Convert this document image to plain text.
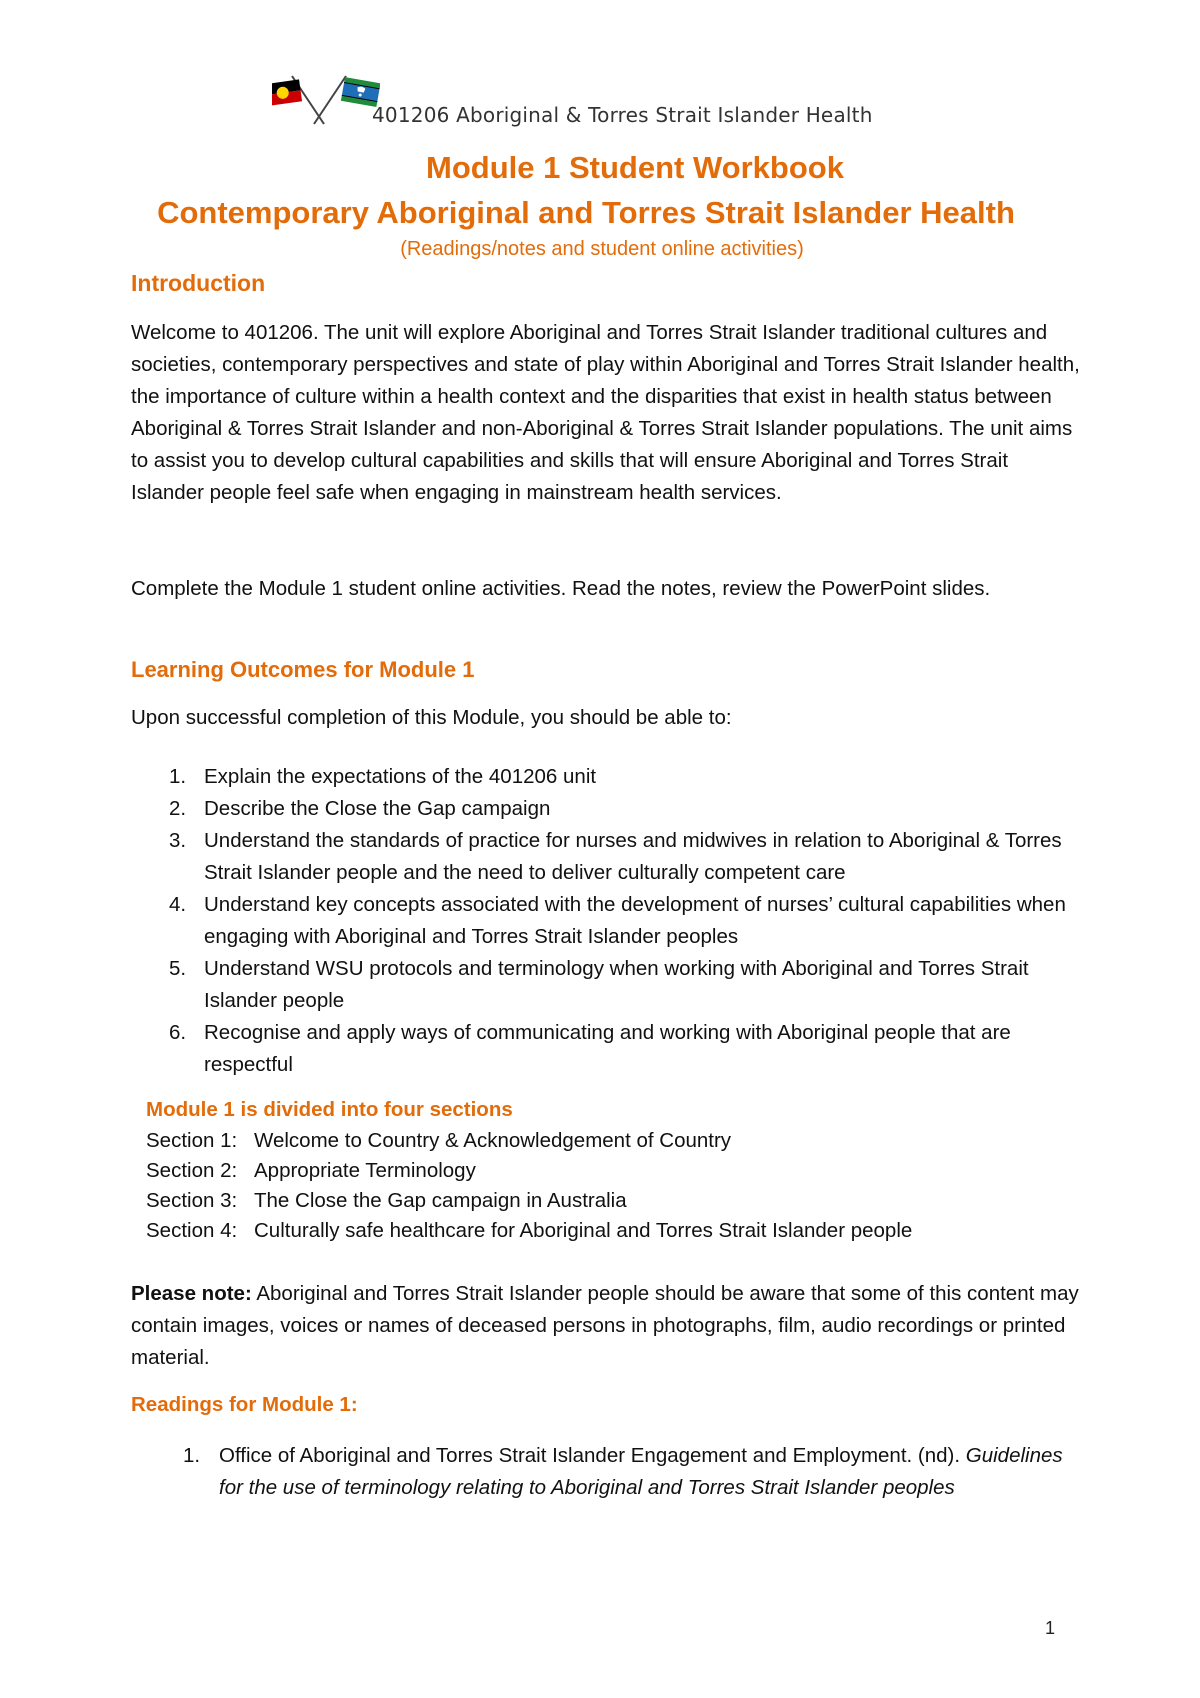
401206 Aboriginal & Torres Strait Islander Health
Module 1 Student Workbook
Contemporary Aboriginal and Torres Strait Islander Health
(Readings/notes and student online activities)
Introduction
Welcome to 401206. The unit will explore Aboriginal and Torres Strait Islander traditional cultures and societies, contemporary perspectives and state of play within Aboriginal and Torres Strait Islander health, the importance of culture within a health context and the disparities that exist in health status between Aboriginal & Torres Strait Islander and non-Aboriginal & Torres Strait Islander populations. The unit aims to assist you to develop cultural capabilities and skills that will ensure Aboriginal and Torres Strait Islander people feel safe when engaging in mainstream health services.
Complete the Module 1 student online activities. Read the notes, review the PowerPoint slides.
Learning Outcomes for Module 1
Upon successful completion of this Module, you should be able to:
1. Explain the expectations of the 401206 unit
2. Describe the Close the Gap campaign
3. Understand the standards of practice for nurses and midwives in relation to Aboriginal & Torres Strait Islander people and the need to deliver culturally competent care
4. Understand key concepts associated with the development of nurses’ cultural capabilities when engaging with Aboriginal and Torres Strait Islander peoples
5. Understand WSU protocols and terminology when working with Aboriginal and Torres Strait Islander people
6. Recognise and apply ways of communicating and working with Aboriginal people that are respectful
Module 1 is divided into four sections
Section 1: Welcome to Country & Acknowledgement of Country
Section 2: Appropriate Terminology
Section 3: The Close the Gap campaign in Australia
Section 4: Culturally safe healthcare for Aboriginal and Torres Strait Islander people
Please note: Aboriginal and Torres Strait Islander people should be aware that some of this content may contain images, voices or names of deceased persons in photographs, film, audio recordings or printed material.
Readings for Module 1:
1. Office of Aboriginal and Torres Strait Islander Engagement and Employment. (nd). Guidelines for the use of terminology relating to Aboriginal and Torres Strait Islander peoples
1
